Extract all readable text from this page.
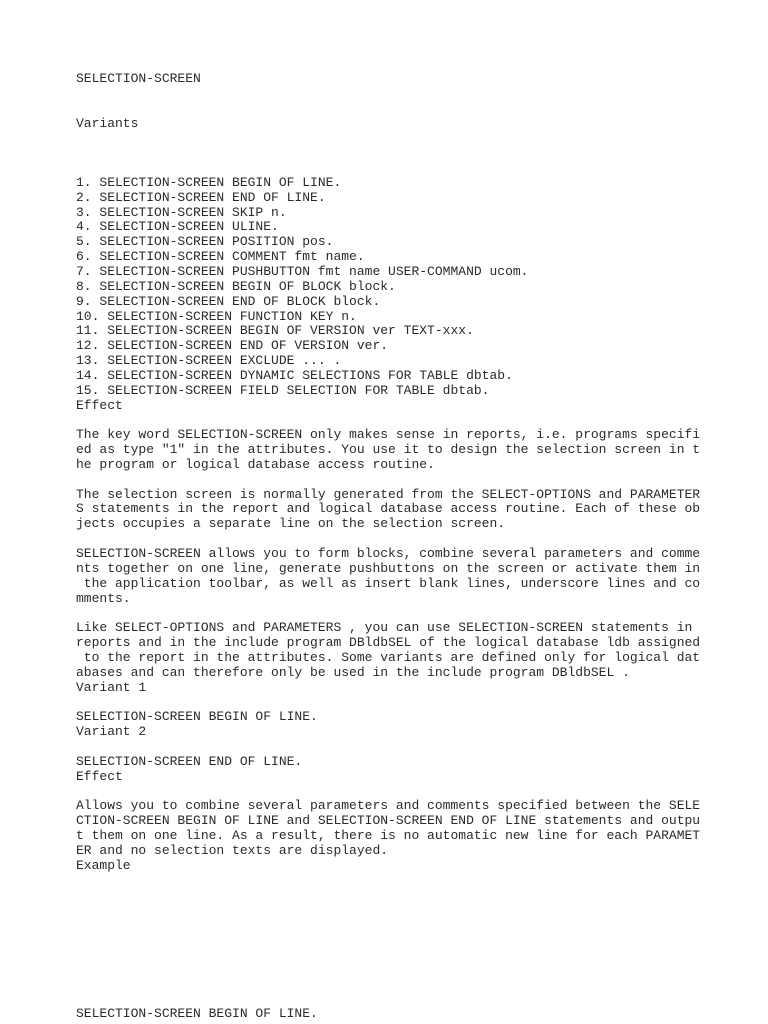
SELECTION-SCREEN
Variants
1. SELECTION-SCREEN BEGIN OF LINE.
2. SELECTION-SCREEN END OF LINE.
3. SELECTION-SCREEN SKIP n.
4. SELECTION-SCREEN ULINE.
5. SELECTION-SCREEN POSITION pos.
6. SELECTION-SCREEN COMMENT fmt name.
7. SELECTION-SCREEN PUSHBUTTON fmt name USER-COMMAND ucom.
8. SELECTION-SCREEN BEGIN OF BLOCK block.
9. SELECTION-SCREEN END OF BLOCK block.
10. SELECTION-SCREEN FUNCTION KEY n.
11. SELECTION-SCREEN BEGIN OF VERSION ver TEXT-xxx.
12. SELECTION-SCREEN END OF VERSION ver.
13. SELECTION-SCREEN EXCLUDE ... .
14. SELECTION-SCREEN DYNAMIC SELECTIONS FOR TABLE dbtab.
15. SELECTION-SCREEN FIELD SELECTION FOR TABLE dbtab.
Effect
The key word SELECTION-SCREEN only makes sense in reports, i.e. programs specifi
ed as type "1" in the attributes. You use it to design the selection screen in t
he program or logical database access routine.
The selection screen is normally generated from the SELECT-OPTIONS and PARAMETER
S statements in the report and logical database access routine. Each of these ob
jects occupies a separate line on the selection screen.
SELECTION-SCREEN allows you to form blocks, combine several parameters and comme
nts together on one line, generate pushbuttons on the screen or activate them in
the application toolbar, as well as insert blank lines, underscore lines and co
mments.
Like SELECT-OPTIONS and PARAMETERS , you can use SELECTION-SCREEN statements in
reports and in the include program DBldbSEL of the logical database ldb assigned
to the report in the attributes. Some variants are defined only for logical dat
abases and can therefore only be used in the include program DBldbSEL .
Variant 1
SELECTION-SCREEN BEGIN OF LINE.
Variant 2
SELECTION-SCREEN END OF LINE.
Effect
Allows you to combine several parameters and comments specified between the SELE
CTION-SCREEN BEGIN OF LINE and SELECTION-SCREEN END OF LINE statements and outpu
t them on one line. As a result, there is no automatic new line for each PARAMET
ER and no selection texts are displayed.
Example
SELECTION-SCREEN BEGIN OF LINE.
